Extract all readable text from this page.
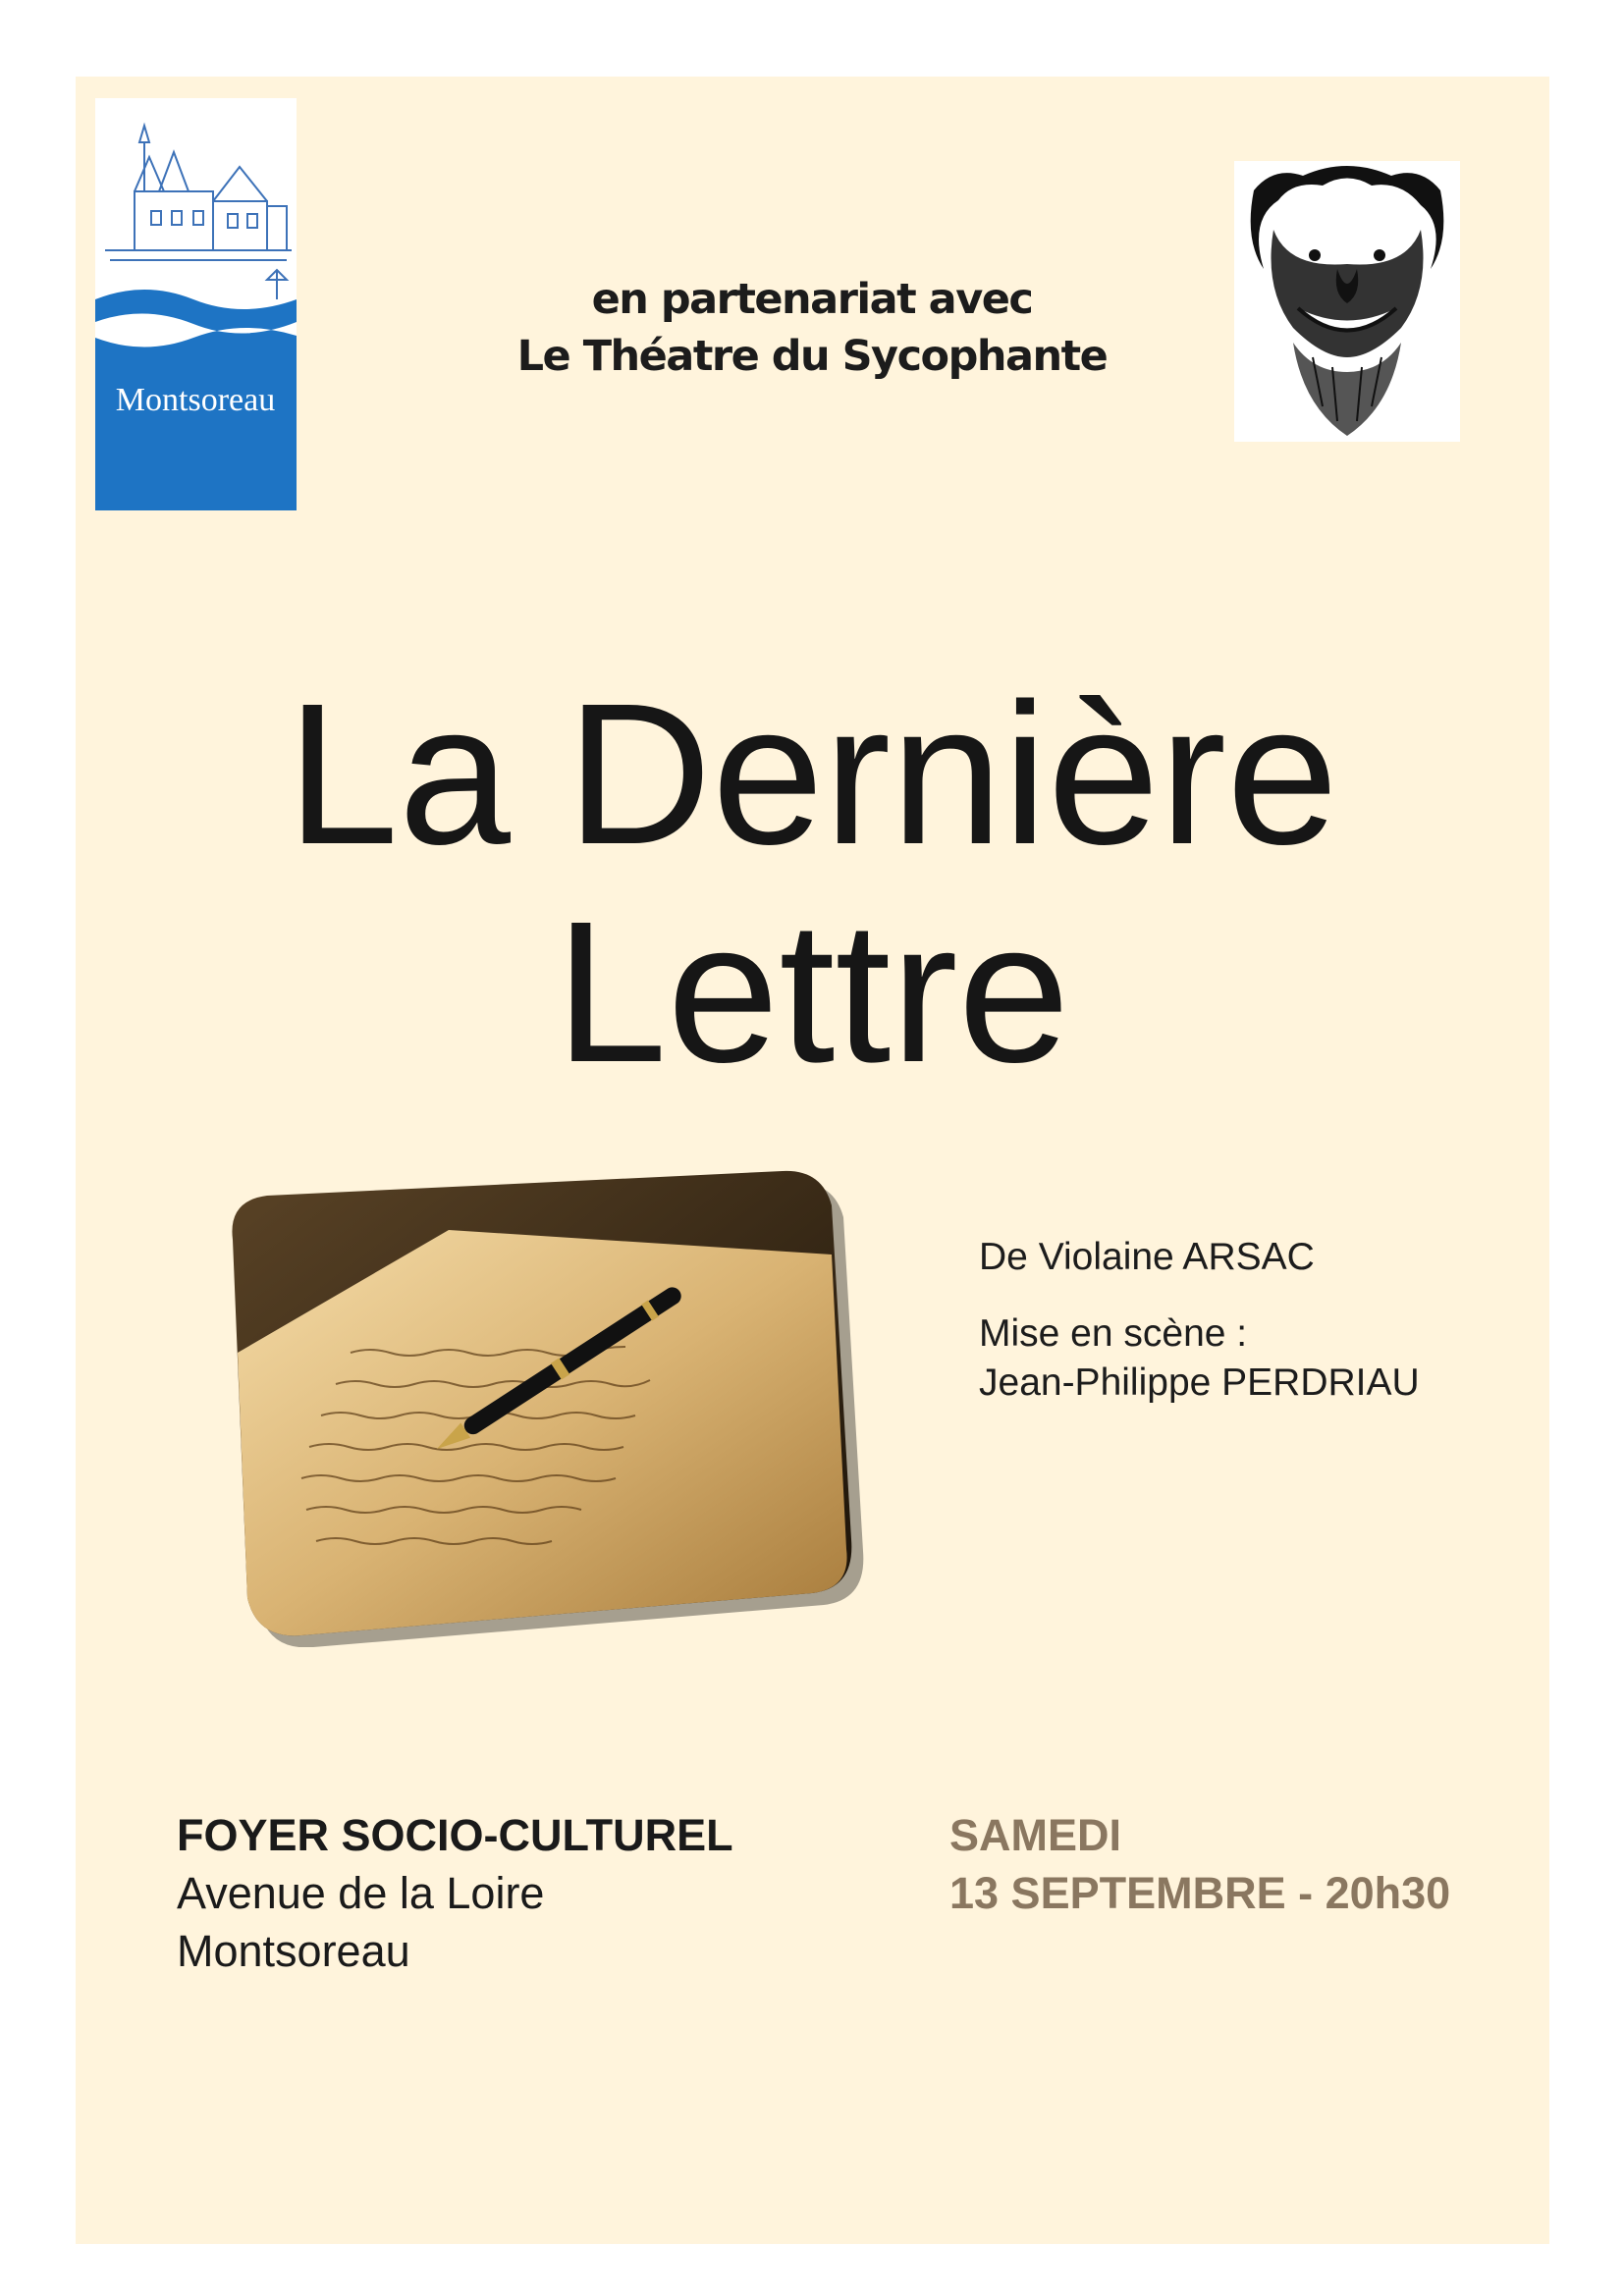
Montsoreau
en partenariat avec
Le Théatre du Sycophante
La Dernière
Lettre
De Violaine ARSAC
Mise en scène :
Jean-Philippe PERDRIAU
FOYER SOCIO-CULTUREL
Avenue de la Loire
Montsoreau
SAMEDI
13 SEPTEMBRE - 20h30
